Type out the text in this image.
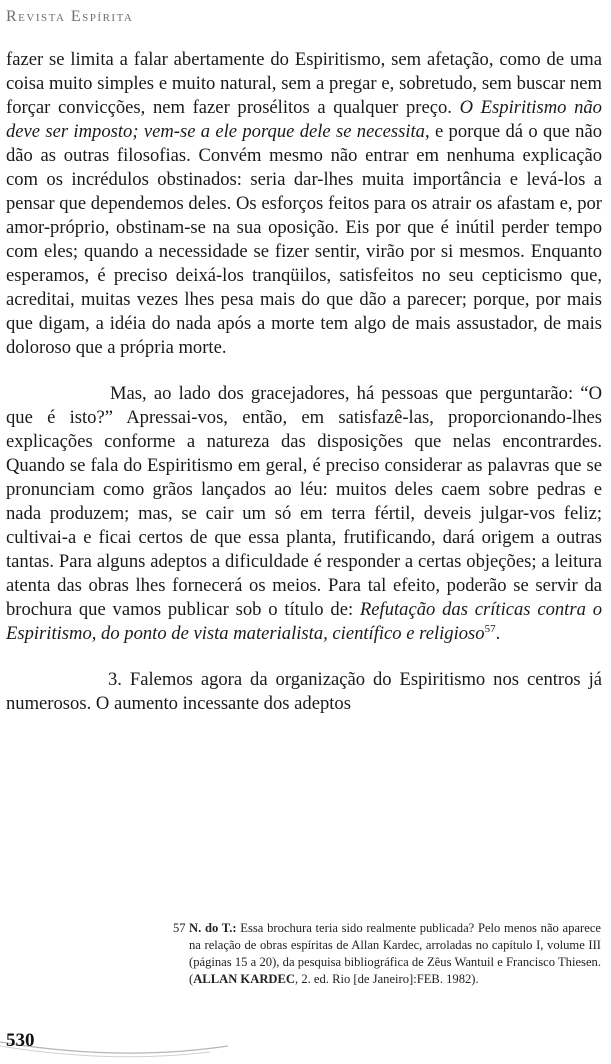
Revista Espírita

fazer se limita a falar abertamente do Espiritismo, sem afetação, como de uma coisa muito simples e muito natural, sem a pregar e, sobretudo, sem buscar nem forçar convicções, nem fazer prosélitos a qualquer preço. O Espiritismo não deve ser imposto; vem-se a ele porque dele se necessita, e porque dá o que não dão as outras filosofias. Convém mesmo não entrar em nenhuma explicação com os incrédulos obstinados: seria dar-lhes muita importância e levá-los a pensar que dependemos deles. Os esforços feitos para os atrair os afastam e, por amor-próprio, obstinam-se na sua oposição. Eis por que é inútil perder tempo com eles; quando a necessidade se fizer sentir, virão por si mesmos. Enquanto esperamos, é preciso deixá-los tranqüilos, satisfeitos no seu cepticismo que, acreditai, muitas vezes lhes pesa mais do que dão a parecer; porque, por mais que digam, a idéia do nada após a morte tem algo de mais assustador, de mais doloroso que a própria morte.

Mas, ao lado dos gracejadores, há pessoas que perguntarão: “O que é isto?” Apressai-vos, então, em satisfazê-las, proporcionando-lhes explicações conforme a natureza das disposições que nelas encontrardes. Quando se fala do Espiritismo em geral, é preciso considerar as palavras que se pronunciam como grãos lançados ao léu: muitos deles caem sobre pedras e nada produzem; mas, se cair um só em terra fértil, deveis julgar-vos feliz; cultivai-a e ficai certos de que essa planta, frutificando, dará origem a outras tantas. Para alguns adeptos a dificuldade é responder a certas objeções; a leitura atenta das obras lhes fornecerá os meios. Para tal efeito, poderão se servir da brochura que vamos publicar sob o título de: Refutação das críticas contra o Espiritismo, do ponto de vista materialista, científico e religioso$^{57}$.

3. Falemos agora da organização do Espiritismo nos centros já numerosos. O aumento incessante dos adeptos

57 N. do T.: Essa brochura teria sido realmente publicada? Pelo menos não aparece na relação de obras espíritas de Allan Kardec, arroladas no capítulo I, volume III (páginas 15 a 20), da pesquisa bibliográfica de Zêus Wantuil e Francisco Thiesen. (ALLAN KARDEC, 2. ed. Rio [de Janeiro]:FEB. 1982).
530
